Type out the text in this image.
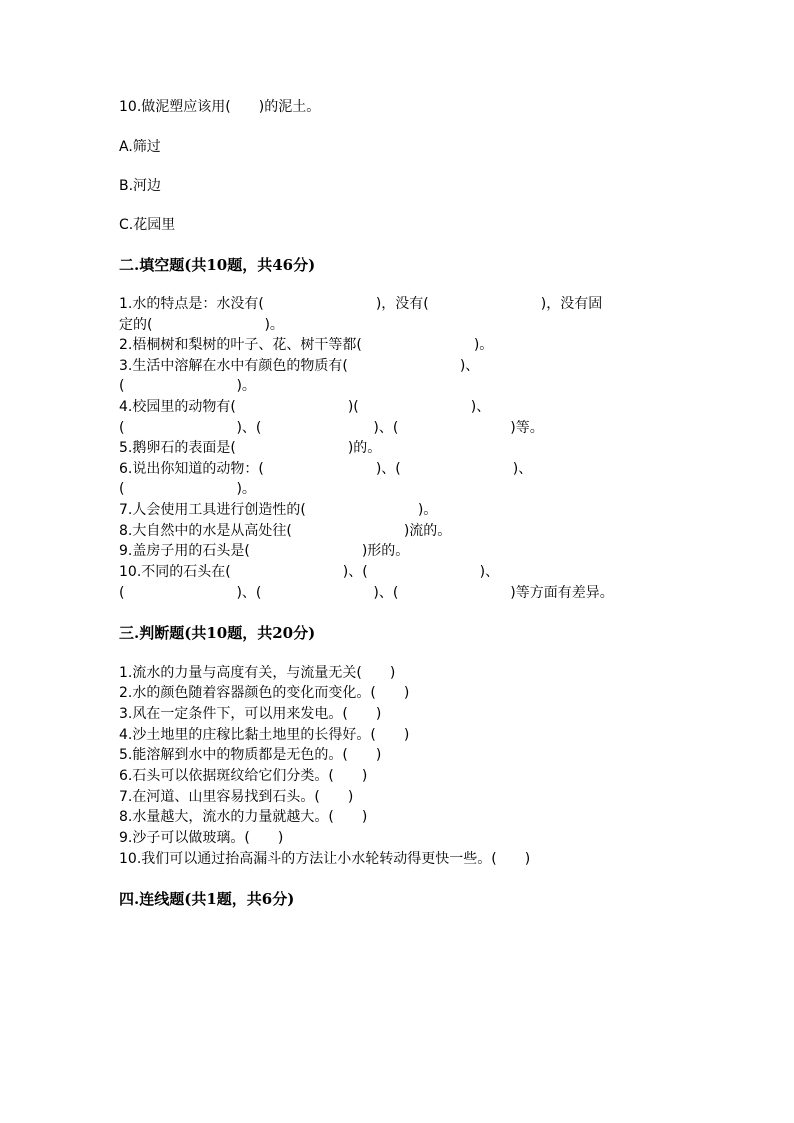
10.做泥塑应该用(　　)的泥土。
A.筛过
B.河边
C.花园里
二.填空题(共10题，共46分)
1.水的特点是：水没有(　　　　　　　　)，没有(　　　　　　　　)，没有固
定的(　　　　　　　　)。
2.梧桐树和梨树的叶子、花、树干等都(　　　　　　　　)。
3.生活中溶解在水中有颜色的物质有(　　　　　　　　)、
(　　　　　　　　)。
4.校园里的动物有(　　　　　　　　)(　　　　　　　　)、
(　　　　　　　　)、(　　　　　　　　)、(　　　　　　　　)等。
5.鹅卵石的表面是(　　　　　　　　)的。
6.说出你知道的动物：(　　　　　　　　)、(　　　　　　　　)、
(　　　　　　　　)。
7.人会使用工具进行创造性的(　　　　　　　　)。
8.大自然中的水是从高处往(　　　　　　　　)流的。
9.盖房子用的石头是(　　　　　　　　)形的。
10.不同的石头在(　　　　　　　　)、(　　　　　　　　)、
(　　　　　　　　)、(　　　　　　　　)、(　　　　　　　　)等方面有差异。
三.判断题(共10题，共20分)
1.流水的力量与高度有关，与流量无关(　　)
2.水的颜色随着容器颜色的变化而变化。(　　)
3.风在一定条件下，可以用来发电。(　　)
4.沙土地里的庄稼比黏土地里的长得好。(　　)
5.能溶解到水中的物质都是无色的。(　　)
6.石头可以依据斑纹给它们分类。(　　)
7.在河道、山里容易找到石头。(　　)
8.水量越大，流水的力量就越大。(　　)
9.沙子可以做玻璃。(　　)
10.我们可以通过抬高漏斗的方法让小水轮转动得更快一些。(　　)
四.连线题(共1题，共6分)
